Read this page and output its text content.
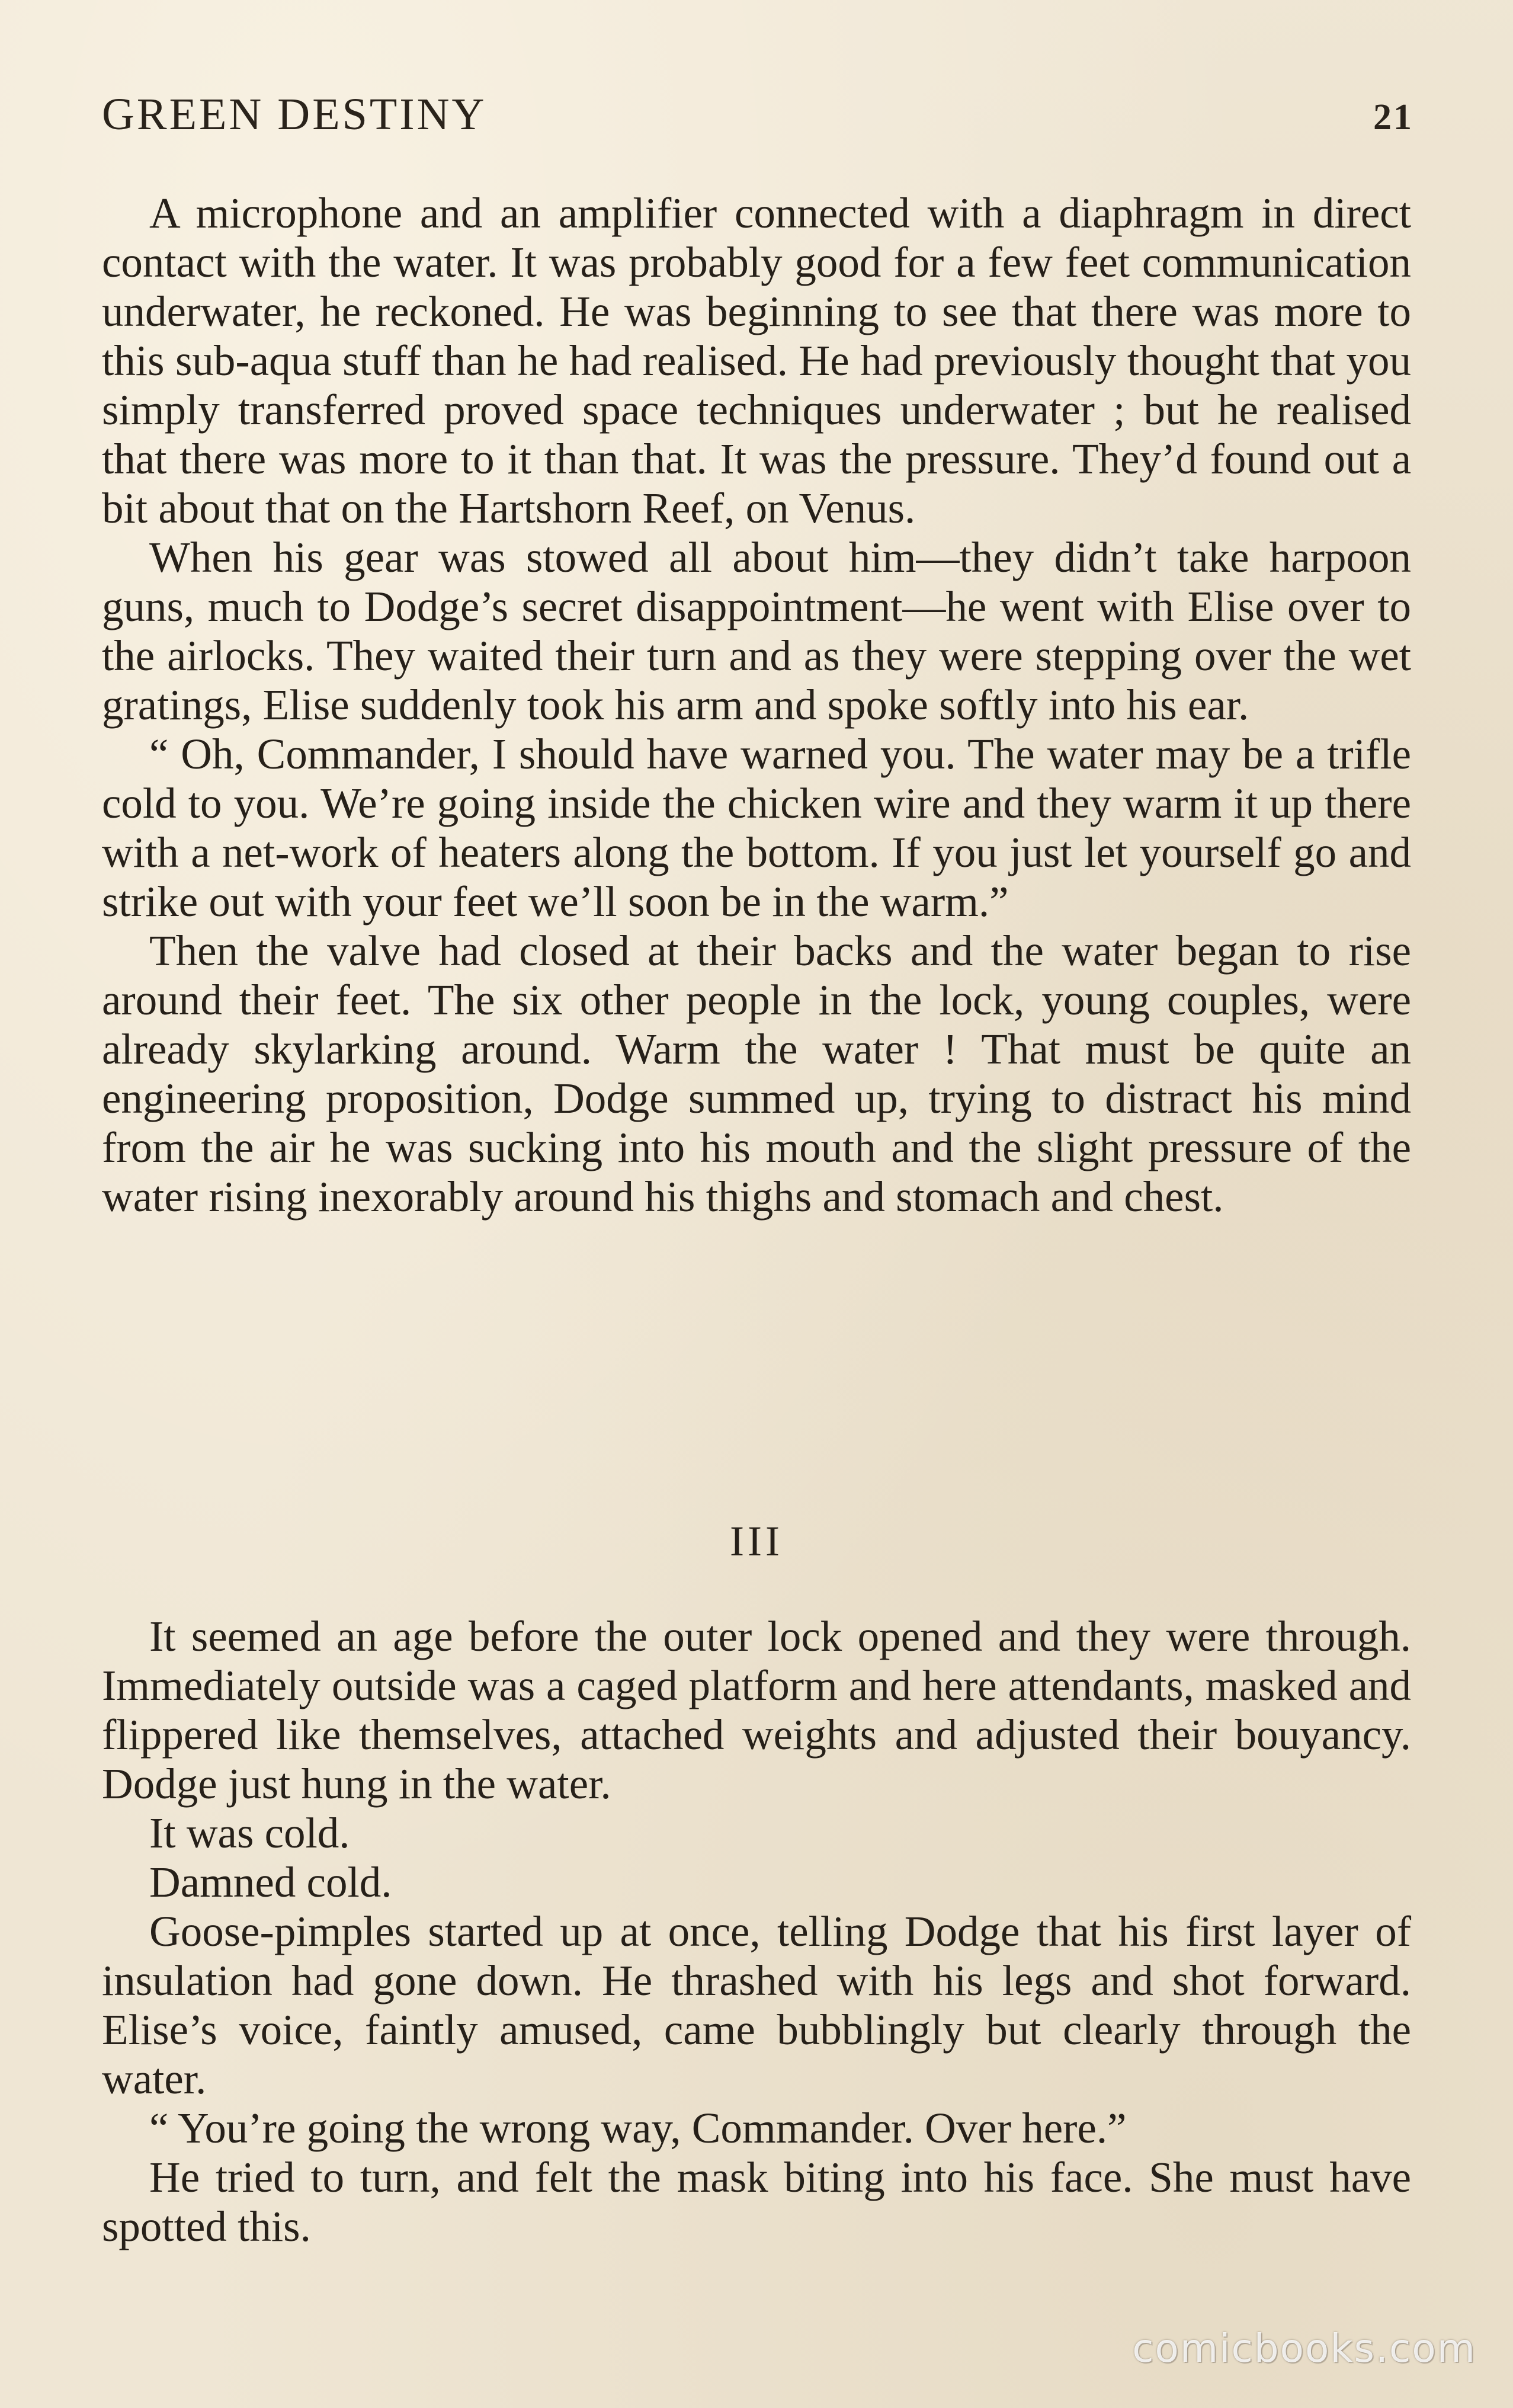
GREEN DESTINY	21

A microphone and an amplifier connected with a diaphragm in direct contact with the water. It was probably good for a few feet communication underwater, he reckoned. He was beginning to see that there was more to this sub-aqua stuff than he had realised. He had previously thought that you simply transferred proved space techniques underwater ; but he realised that there was more to it than that. It was the pressure. They’d found out a bit about that on the Hartshorn Reef, on Venus.

When his gear was stowed all about him—they didn’t take harpoon guns, much to Dodge’s secret disappointment—he went with Elise over to the airlocks. They waited their turn and as they were stepping over the wet gratings, Elise suddenly took his arm and spoke softly into his ear.

“ Oh, Commander, I should have warned you. The water may be a trifle cold to you. We’re going inside the chicken wire and they warm it up there with a net-work of heaters along the bottom. If you just let yourself go and strike out with your feet we’ll soon be in the warm.”

Then the valve had closed at their backs and the water began to rise around their feet. The six other people in the lock, young couples, were already skylarking around. Warm the water ! That must be quite an engineering proposition, Dodge summed up, trying to distract his mind from the air he was sucking into his mouth and the slight pressure of the water rising inexorably around his thighs and stomach and chest.

III

It seemed an age before the outer lock opened and they were through. Immediately outside was a caged platform and here attendants, masked and flippered like themselves, attached weights and adjusted their bouyancy. Dodge just hung in the water.

It was cold.

Damned cold.

Goose-pimples started up at once, telling Dodge that his first layer of insulation had gone down. He thrashed with his legs and shot forward. Elise’s voice, faintly amused, came bubblingly but clearly through the water.

“ You’re going the wrong way, Commander. Over here.”

He tried to turn, and felt the mask biting into his face. She must have spotted this.

comicbooks.com
